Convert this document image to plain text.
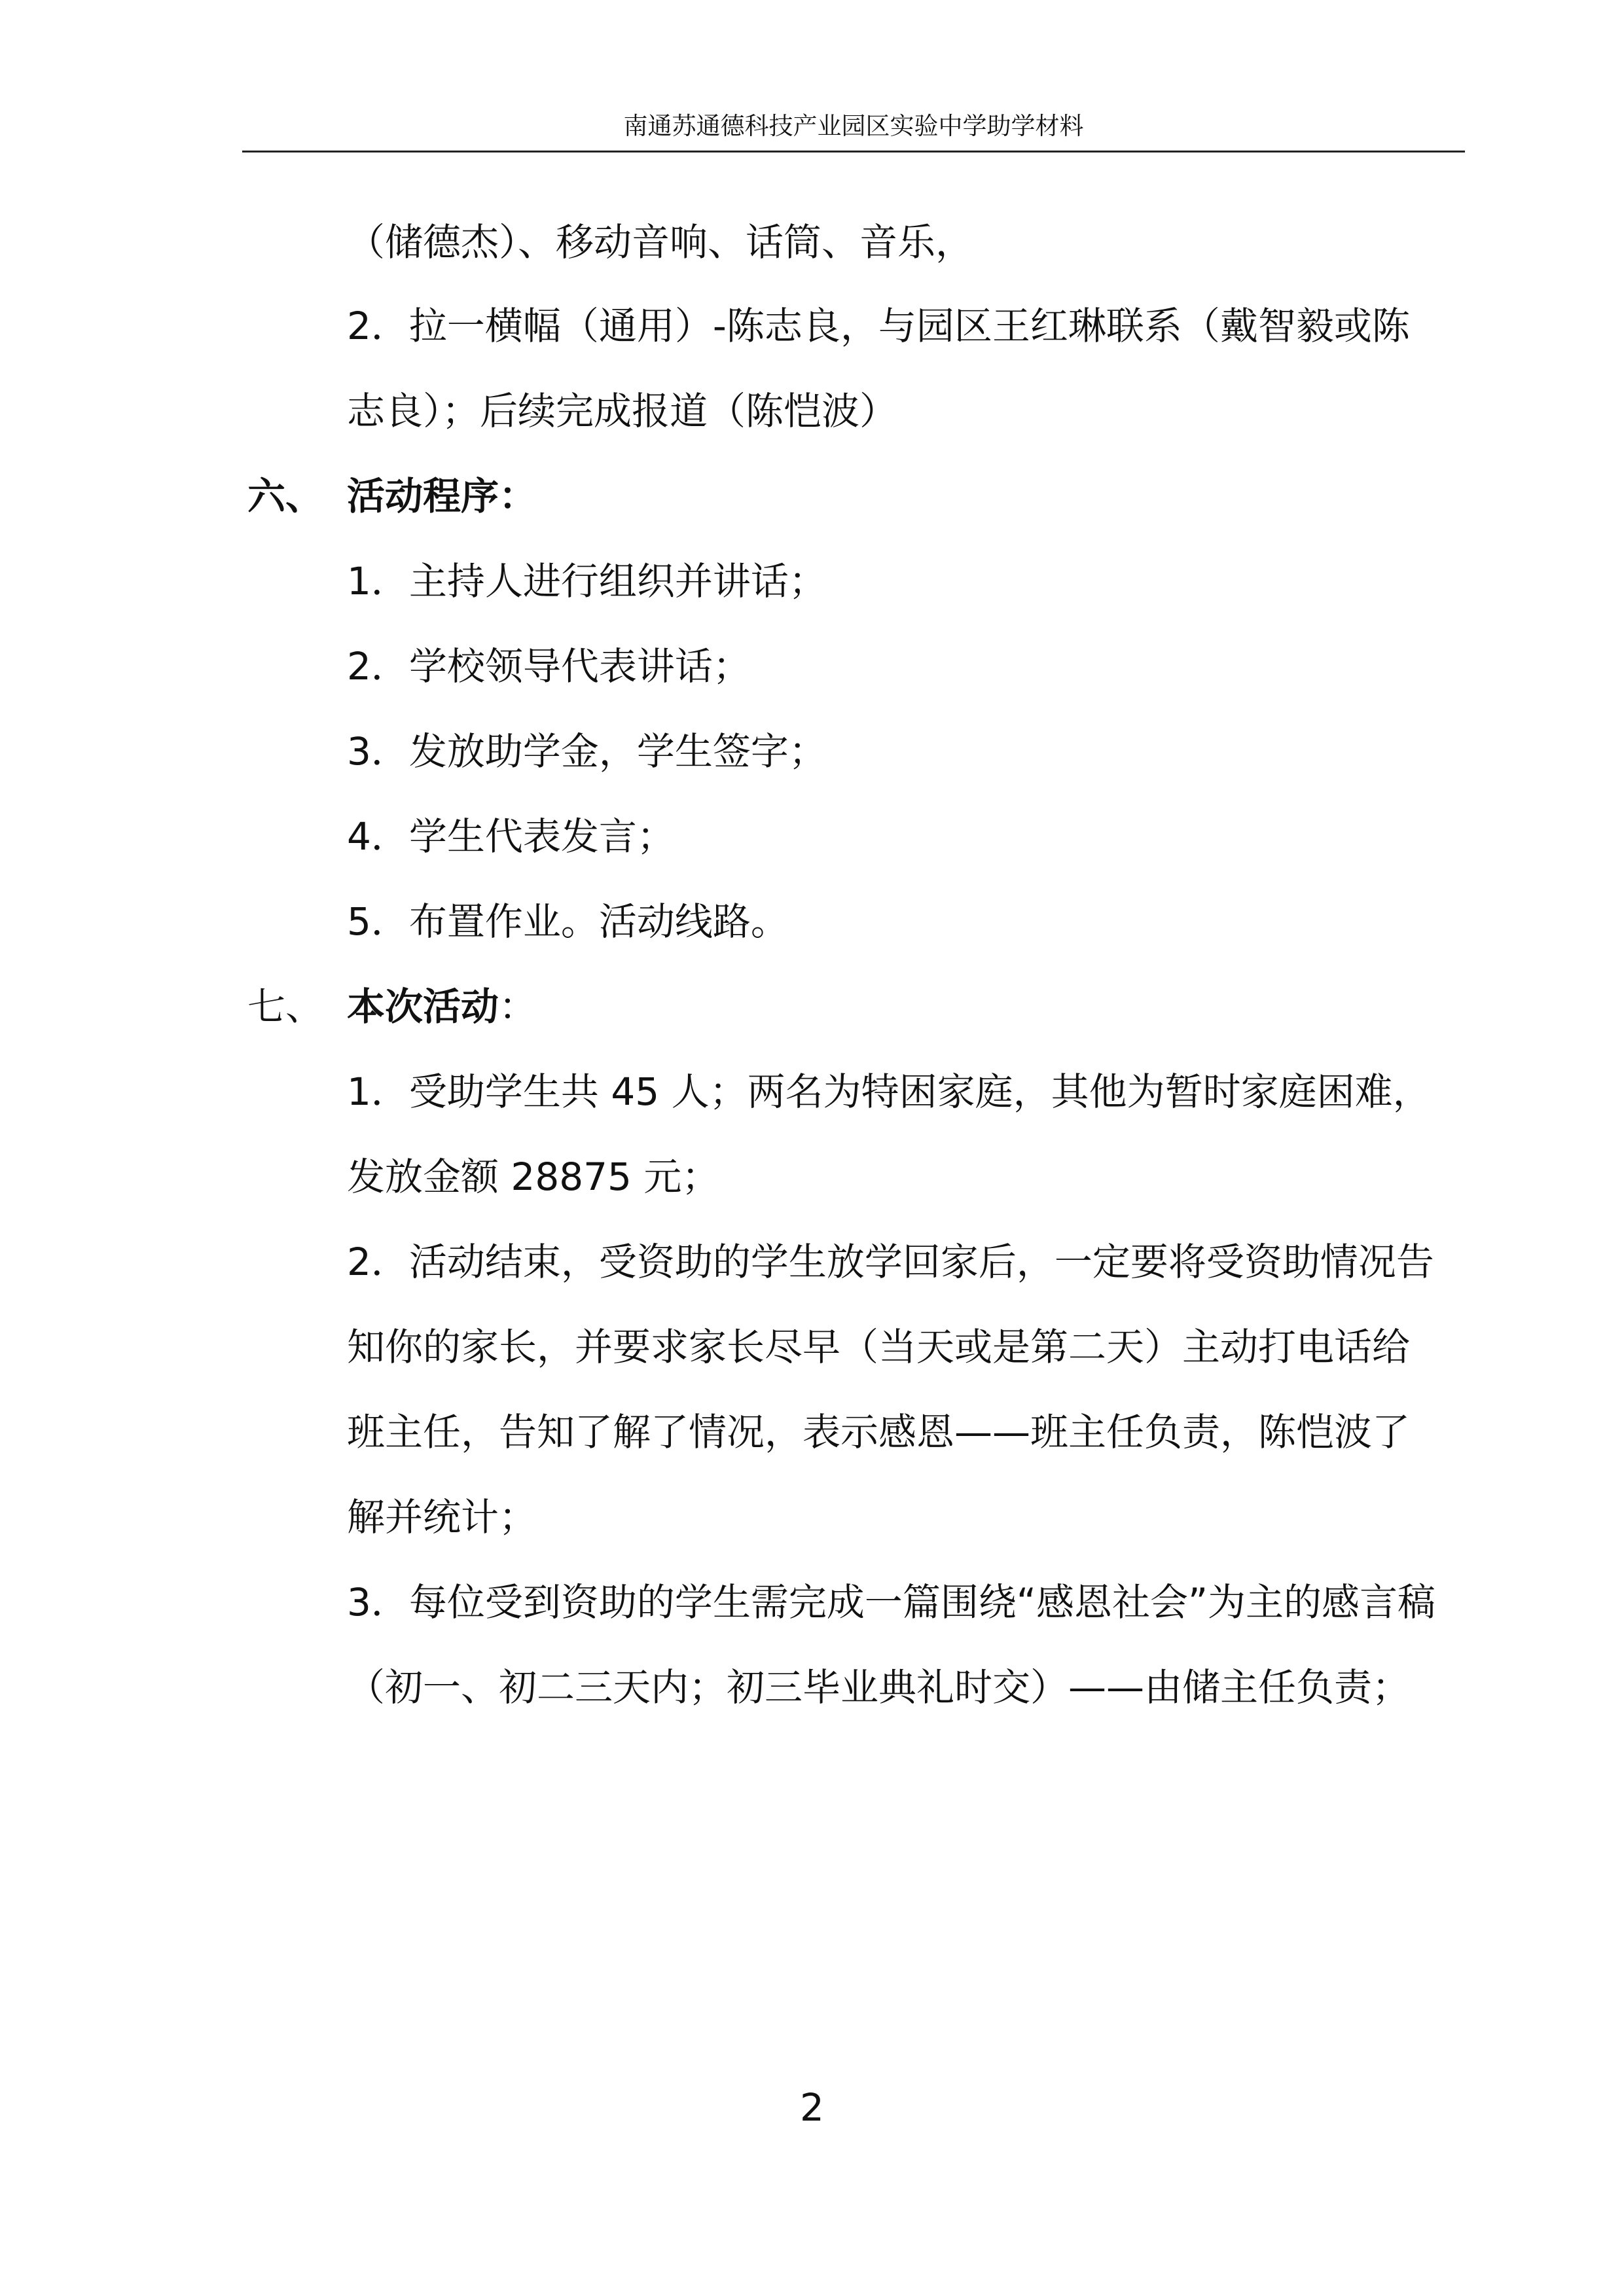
南通苏通德科技产业园区实验中学助学材料
（储德杰）、移动音响、话筒、音乐，
2．拉一横幅（通用）-陈志良，与园区王红琳联系（戴智毅或陈
志良）；后续完成报道（陈恺波）
六、 活动程序：
1．主持人进行组织并讲话；
2．学校领导代表讲话；
3．发放助学金，学生签字；
4．学生代表发言；
5．布置作业。活动线路。
七、 本次活动：
1．受助学生共 45 人；两名为特困家庭，其他为暂时家庭困难，
发放金额 28875 元；
2．活动结束，受资助的学生放学回家后，一定要将受资助情况告
知你的家长，并要求家长尽早（当天或是第二天）主动打电话给
班主任，告知了解了情况，表示感恩——班主任负责，陈恺波了
解并统计；
3．每位受到资助的学生需完成一篇围绕“感恩社会”为主的感言稿
（初一、初二三天内；初三毕业典礼时交）——由储主任负责；
2
